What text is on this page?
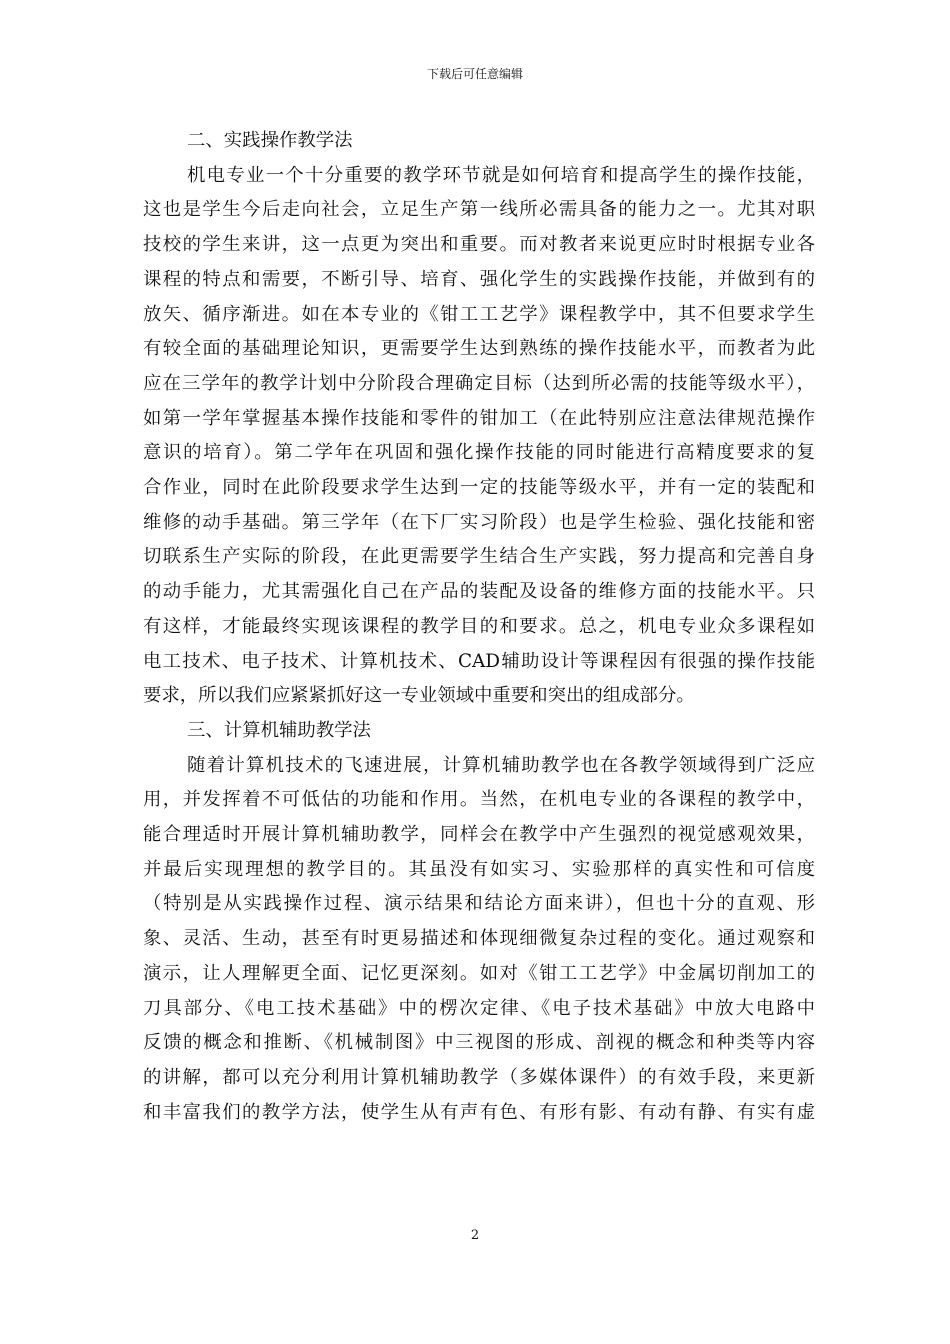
下载后可任意编辑

二、实践操作教学法

机电专业一个十分重要的教学环节就是如何培育和提高学生的操作技能，
这也是学生今后走向社会，立足生产第一线所必需具备的能力之一。尤其对职
技校的学生来讲，这一点更为突出和重要。而对教者来说更应时时根据专业各
课程的特点和需要，不断引导、培育、强化学生的实践操作技能，并做到有的
放矢、循序渐进。如在本专业的《钳工工艺学》课程教学中，其不但要求学生
有较全面的基础理论知识，更需要学生达到熟练的操作技能水平，而教者为此
应在三学年的教学计划中分阶段合理确定目标（达到所必需的技能等级水平），
如第一学年掌握基本操作技能和零件的钳加工（在此特别应注意法律规范操作
意识的培育）。第二学年在巩固和强化操作技能的同时能进行高精度要求的复
合作业，同时在此阶段要求学生达到一定的技能等级水平，并有一定的装配和
维修的动手基础。第三学年（在下厂实习阶段）也是学生检验、强化技能和密
切联系生产实际的阶段，在此更需要学生结合生产实践，努力提高和完善自身
的动手能力，尤其需强化自己在产品的装配及设备的维修方面的技能水平。只
有这样，才能最终实现该课程的教学目的和要求。总之，机电专业众多课程如
电工技术、电子技术、计算机技术、CAD辅助设计等课程因有很强的操作技能
要求，所以我们应紧紧抓好这一专业领域中重要和突出的组成部分。

三、计算机辅助教学法

随着计算机技术的飞速进展，计算机辅助教学也在各教学领域得到广泛应
用，并发挥着不可低估的功能和作用。当然，在机电专业的各课程的教学中，
能合理适时开展计算机辅助教学，同样会在教学中产生强烈的视觉感观效果，
并最后实现理想的教学目的。其虽没有如实习、实验那样的真实性和可信度
（特别是从实践操作过程、演示结果和结论方面来讲），但也十分的直观、形
象、灵活、生动，甚至有时更易描述和体现细微复杂过程的变化。通过观察和
演示，让人理解更全面、记忆更深刻。如对《钳工工艺学》中金属切削加工的
刀具部分、《电工技术基础》中的楞次定律、《电子技术基础》中放大电路中
反馈的概念和推断、《机械制图》中三视图的形成、剖视的概念和种类等内容
的讲解，都可以充分利用计算机辅助教学（多媒体课件）的有效手段，来更新
和丰富我们的教学方法，使学生从有声有色、有形有影、有动有静、有实有虚
2
